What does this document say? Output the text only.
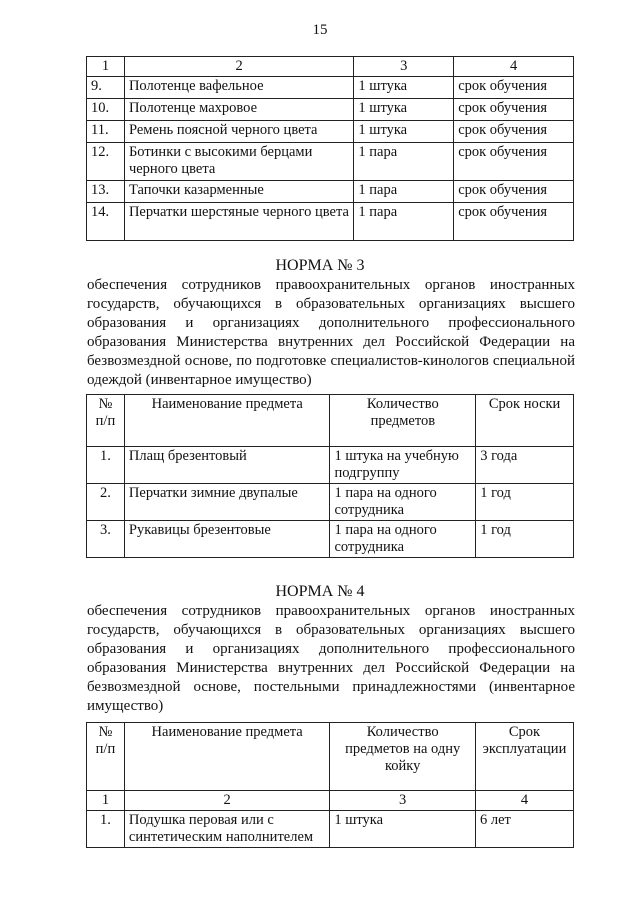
15
1	2	3	4
9.	Полотенце вафельное	1 штука	срок обучения
10.	Полотенце махровое	1 штука	срок обучения
11.	Ремень поясной черного цвета	1 штука	срок обучения
12.	Ботинки с высокими берцами черного цвета	1 пара	срок обучения
13.	Тапочки казарменные	1 пара	срок обучения
14.	Перчатки шерстяные черного цвета	1 пара	срок обучения
НОРМА № 3
обеспечения сотрудников правоохранительных органов иностранных государств, обучающихся в образовательных организациях высшего образования и организациях дополнительного профессионального образования Министерства внутренних дел Российской Федерации на безвозмездной основе, по подготовке специалистов-кинологов специальной одеждой (инвентарное имущество)
№ п/п	Наименование предмета	Количество предметов	Срок носки
1.	Плащ брезентовый	1 штука на учебную подгруппу	3 года
2.	Перчатки зимние двупалые	1 пара на одного сотрудника	1 год
3.	Рукавицы брезентовые	1 пара на одного сотрудника	1 год
НОРМА № 4
обеспечения сотрудников правоохранительных органов иностранных государств, обучающихся в образовательных организациях высшего образования и организациях дополнительного профессионального образования Министерства внутренних дел Российской Федерации на безвозмездной основе, постельными принадлежностями (инвентарное имущество)
№ п/п	Наименование предмета	Количество предметов на одну койку	Срок эксплуатации
1	2	3	4
1.	Подушка перовая или с синтетическим наполнителем	1 штука	6 лет
